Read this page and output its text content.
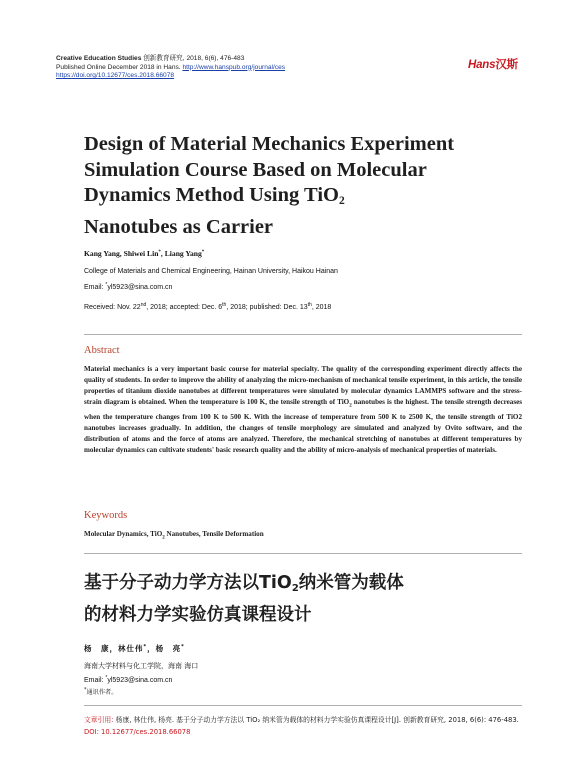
Creative Education Studies 创新教育研究, 2018, 6(6), 476-483
Published Online December 2018 in Hans. http://www.hanspub.org/journal/ces
https://doi.org/10.12677/ces.2018.66078
Hans汉斯
Design of Material Mechanics Experiment
Simulation Course Based on Molecular
Dynamics Method Using TiO$_2$
Nanotubes as Carrier
Kang Yang, Shiwei Lin*, Liang Yang*
College of Materials and Chemical Engineering, Hainan University, Haikou Hainan
Email: *yl5923@sina.com.cn
Received: Nov. 22nd, 2018; accepted: Dec. 6th, 2018; published: Dec. 13th, 2018
Abstract
Material mechanics is a very important basic course for material specialty. The quality of the corresponding experiment directly affects the quality of students. In order to improve the ability of analyzing the micro-mechanism of mechanical tensile experiment, in this article, the tensile properties of titanium dioxide nanotubes at different temperatures were simulated by molecular dynamics LAMMPS software and the stress-strain diagram is obtained. When the temperature is 100 K, the tensile strength of TiO$_2$ nanotubes is the highest. The tensile strength decreases when the temperature changes from 100 K to 500 K. With the increase of temperature from 500 K to 2500 K, the tensile strength of TiO2 nanotubes increases gradually. In addition, the changes of tensile morphology are simulated and analyzed by Ovito software, and the distribution of atoms and the force of atoms are analyzed. Therefore, the mechanical stretching of nanotubes at different temperatures by molecular dynamics can cultivate students' basic research quality and the ability of micro-analysis of mechanical properties of materials.
Keywords
Molecular Dynamics, TiO$_2$ Nanotubes, Tensile Deformation
基于分子动力学方法以TiO$_2$纳米管为载体
的材料力学实验仿真课程设计
杨　康，林仕伟*，杨　亮*
海南大学材料与化工学院，海南 海口
Email: *yl5923@sina.com.cn
*通讯作者。
文章引用: 杨康, 林仕伟, 杨亮. 基于分子动力学方法以 TiO₂ 纳米管为载体的材料力学实验仿真课程设计[J]. 创新教育研究, 2018, 6(6): 476-483. DOI: 10.12677/ces.2018.66078
